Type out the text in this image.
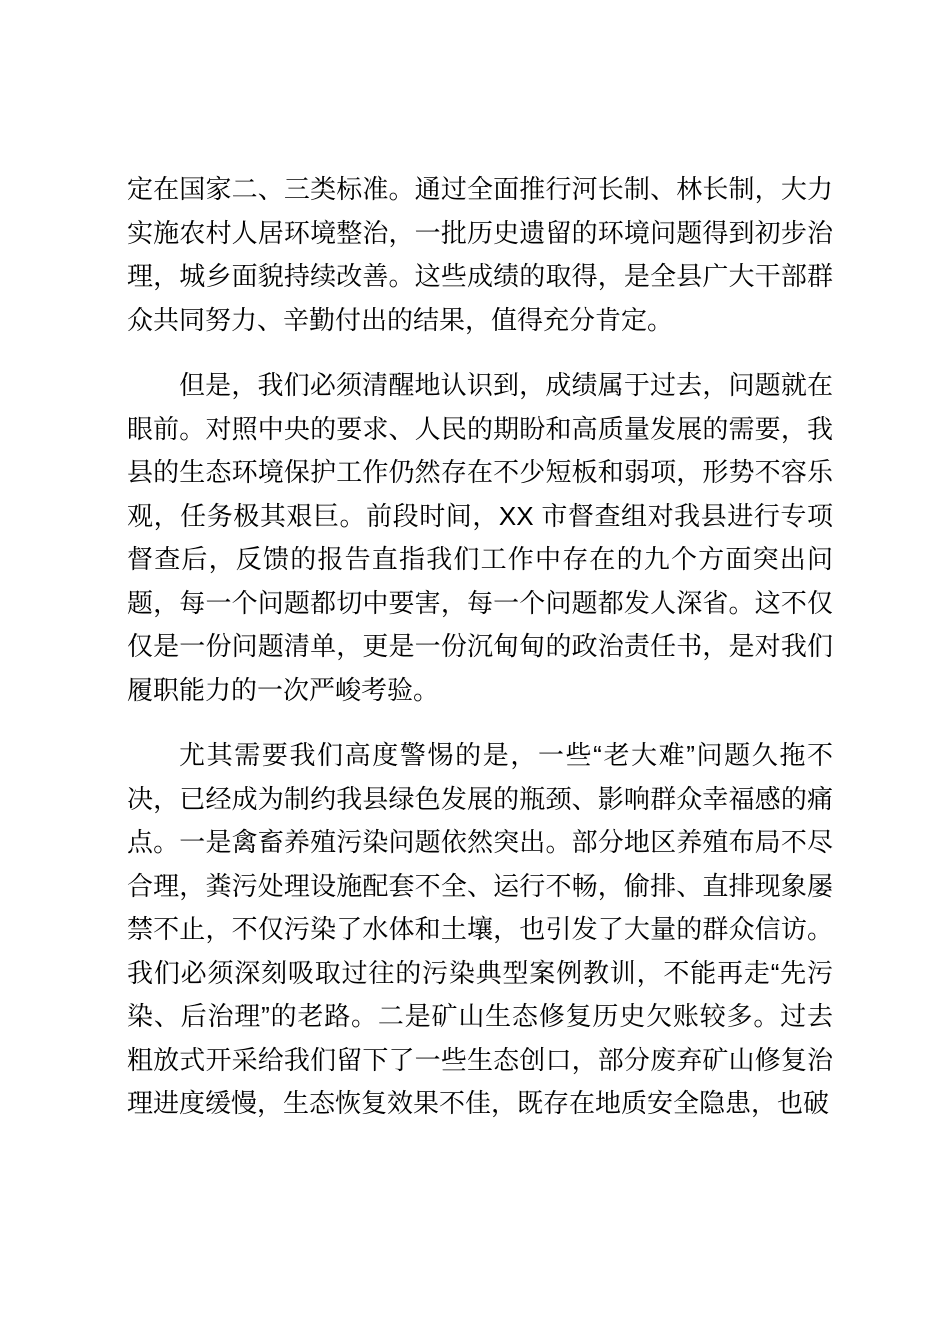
定在国家二、三类标准。通过全面推行河长制、林长制，大力实施农村人居环境整治，一批历史遗留的环境问题得到初步治理，城乡面貌持续改善。这些成绩的取得，是全县广大干部群众共同努力、辛勤付出的结果，值得充分肯定。

但是，我们必须清醒地认识到，成绩属于过去，问题就在眼前。对照中央的要求、人民的期盼和高质量发展的需要，我县的生态环境保护工作仍然存在不少短板和弱项，形势不容乐观，任务极其艰巨。前段时间，XX 市督查组对我县进行专项督查后，反馈的报告直指我们工作中存在的九个方面突出问题，每一个问题都切中要害，每一个问题都发人深省。这不仅仅是一份问题清单，更是一份沉甸甸的政治责任书，是对我们履职能力的一次严峻考验。

尤其需要我们高度警惕的是，一些“老大难”问题久拖不决，已经成为制约我县绿色发展的瓶颈、影响群众幸福感的痛点。一是禽畜养殖污染问题依然突出。部分地区养殖布局不尽合理，粪污处理设施配套不全、运行不畅，偷排、直排现象屡禁不止，不仅污染了水体和土壤，也引发了大量的群众信访。我们必须深刻吸取过往的污染典型案例教训，不能再走“先污染、后治理”的老路。二是矿山生态修复历史欠账较多。过去粗放式开采给我们留下了一些生态创口，部分废弃矿山修复治理进度缓慢，生态恢复效果不佳，既存在地质安全隐患，也破
